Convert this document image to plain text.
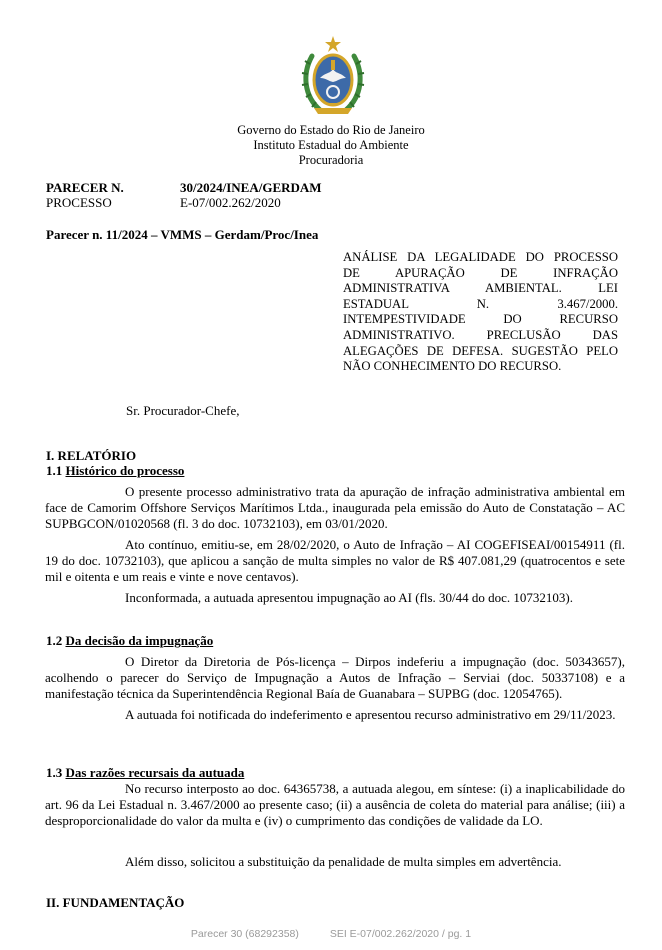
Governo do Estado do Rio de Janeiro
Instituto Estadual do Ambiente
Procuradoria
PARECER N.	30/2024/INEA/GERDAM
PROCESSO	E-07/002.262/2020
Parecer n. 11/2024 – VMMS – Gerdam/Proc/Inea
ANÁLISE DA LEGALIDADE DO PROCESSO
DE APURAÇÃO DE INFRAÇÃO
ADMINISTRATIVA AMBIENTAL. LEI
ESTADUAL N. 3.467/2000.
INTEMPESTIVIDADE DO RECURSO
ADMINISTRATIVO. PRECLUSÃO DAS
ALEGAÇÕES DE DEFESA. SUGESTÃO PELO
NÃO CONHECIMENTO DO RECURSO.
Sr. Procurador-Chefe,
I. RELATÓRIO
1.1 Histórico do processo
O presente processo administrativo trata da apuração de infração administrativa ambiental em face de Camorim Offshore Serviços Marítimos Ltda., inaugurada pela emissão do Auto de Constatação – AC SUPBGCON/01020568 (fl. 3 do doc. 10732103), em 03/01/2020.
Ato contínuo, emitiu-se, em 28/02/2020, o Auto de Infração – AI COGEFISEAI/00154911 (fl. 19 do doc. 10732103), que aplicou a sanção de multa simples no valor de R$ 407.081,29 (quatrocentos e sete mil e oitenta e um reais e vinte e nove centavos).
Inconformada, a autuada apresentou impugnação ao AI (fls. 30/44 do doc. 10732103).
1.2 Da decisão da impugnação
O Diretor da Diretoria de Pós-licença – Dirpos indeferiu a impugnação (doc. 50343657), acolhendo o parecer do Serviço de Impugnação a Autos de Infração – Serviai (doc. 50337108) e a manifestação técnica da Superintendência Regional Baía de Guanabara – SUPBG (doc. 12054765).
A autuada foi notificada do indeferimento e apresentou recurso administrativo em 29/11/2023.
1.3 Das razões recursais da autuada
No recurso interposto ao doc. 64365738, a autuada alegou, em síntese: (i) a inaplicabilidade do art. 96 da Lei Estadual n. 3.467/2000 ao presente caso; (ii) a ausência de coleta do material para análise; (iii) a desproporcionalidade do valor da multa e (iv) o cumprimento das condições de validade da LO.
Além disso, solicitou a substituição da penalidade de multa simples em advertência.
II. FUNDAMENTAÇÃO
Parecer 30 (68292358)	SEI E-07/002.262/2020 / pg. 1
